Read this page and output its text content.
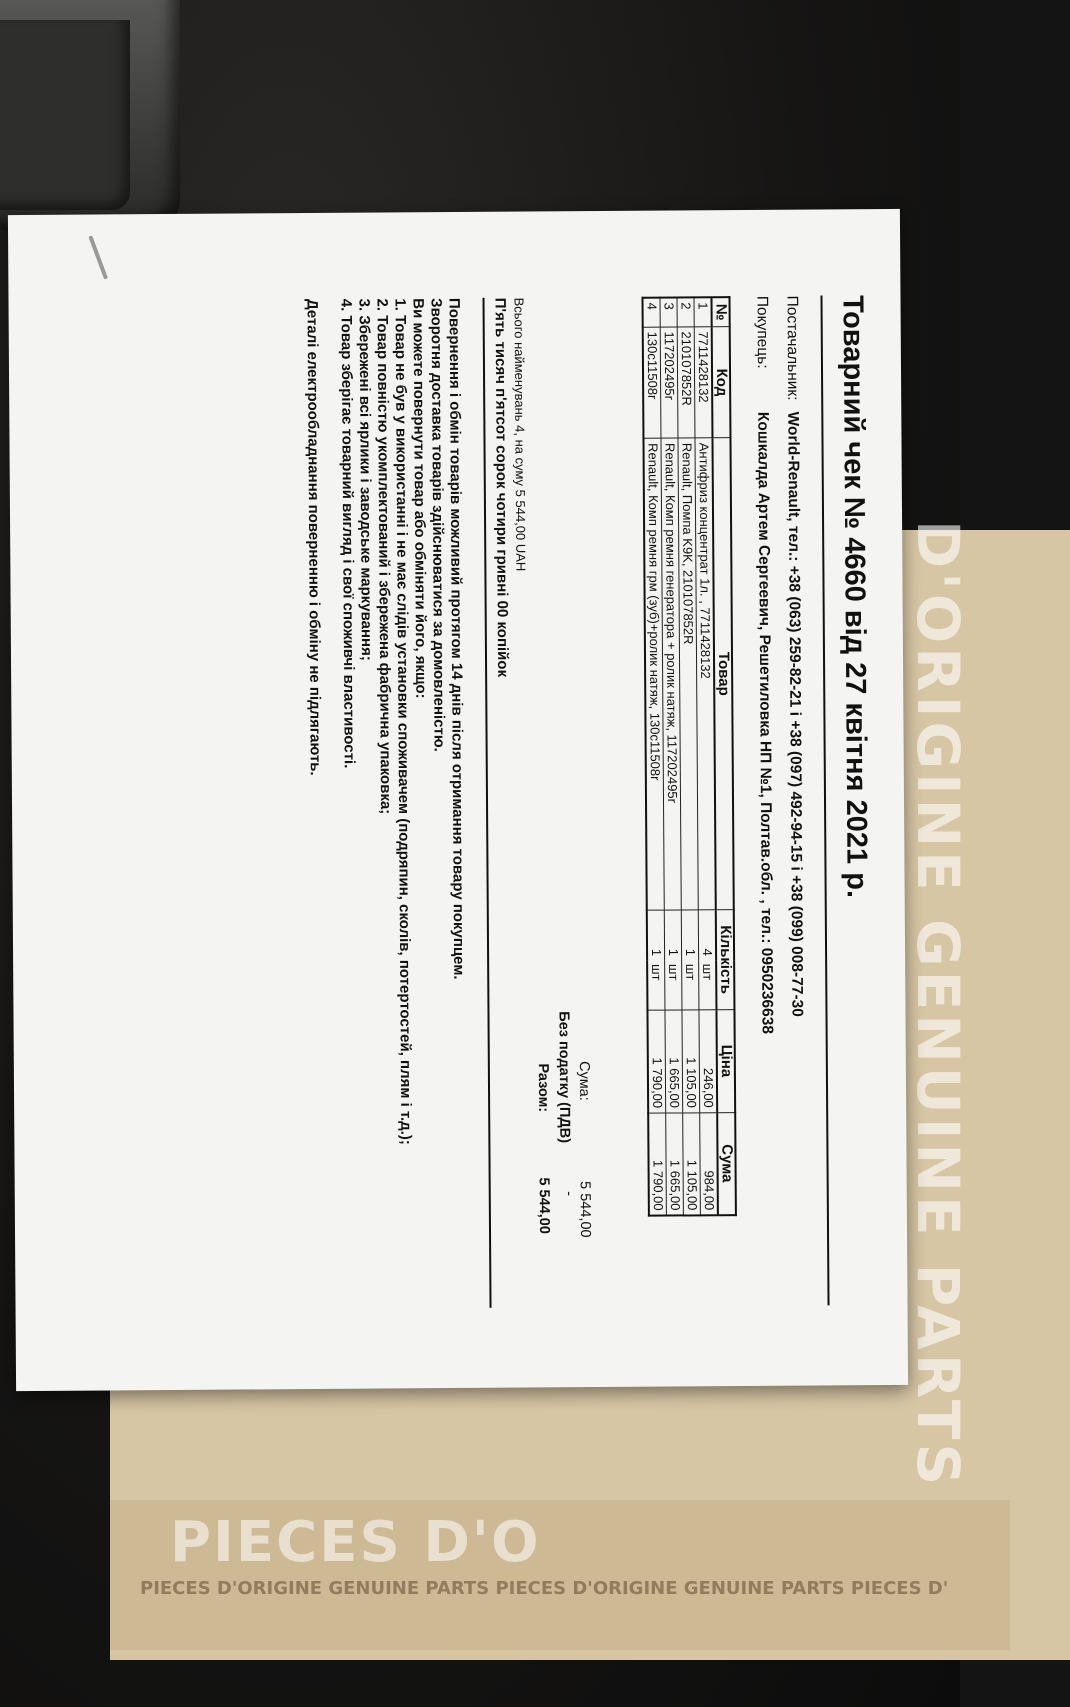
PIECES D'O
PIECES D'ORIGINE GENUINE PARTS PIECES D'ORIGINE GENUINE PARTS PIECES D'
D'ORIGINE GENUINE PARTS
Товарний чек № 4660 від 27 квітня 2021 р.
Постачальник:World-Renault, тел.: +38 (063) 259-82-21 і +38 (097) 492-94-15 і +38 (099) 008-77-30
Покупець:Кошкалда Артем Сергеевич, Решетиловка НП №1, Полтав.обл. , тел.: 0950236638
№	Код	Товар	Кількість		Ціна	Сума
1	7711428132	Антифриз концентрат 1л. , 7711428132	4	шт	246,00	984,00
2	210107852R	Renault, Помпа K9K, 210107852R	1	шт	1 105,00	1 105,00
3	117202495r	Renault, Комп ремня генератора + ролик натяж, 117202495r	1	шт	1 665,00	1 665,00
4	130c11508r	Renault, Комп ремня грм (зуб)+ролик натяж, 130c11508r	1	шт	1 790,00	1 790,00
Сума:
5 544,00
Без податку (ПДВ)
-
Разом:
5 544,00
Всього найменувань 4, на суму 5 544,00 UAH
П'ять тисяч п'ятсот сорок чотири гривні 00 копійок
Повернення і обмін товарів можливий протягом 14 днів після отримання товару покупцем.
Зворотня доставка товарів здійснюватися за домовленістю.
Ви можете повернути товар або обміняти його, якщо:
1. Товар не був у використанні і не має слідів установки споживачем (подряпин, сколів, потертостей, плям і т.д.);
2. Товар повністю укомплектований і збережена фабрична упаковка;
3. Збережені всі ярлики і заводське маркування;
4. Товар зберігає товарний вигляд і свої споживчі властивості.
Деталі електрообладнання поверненню і обміну не підлягають.
